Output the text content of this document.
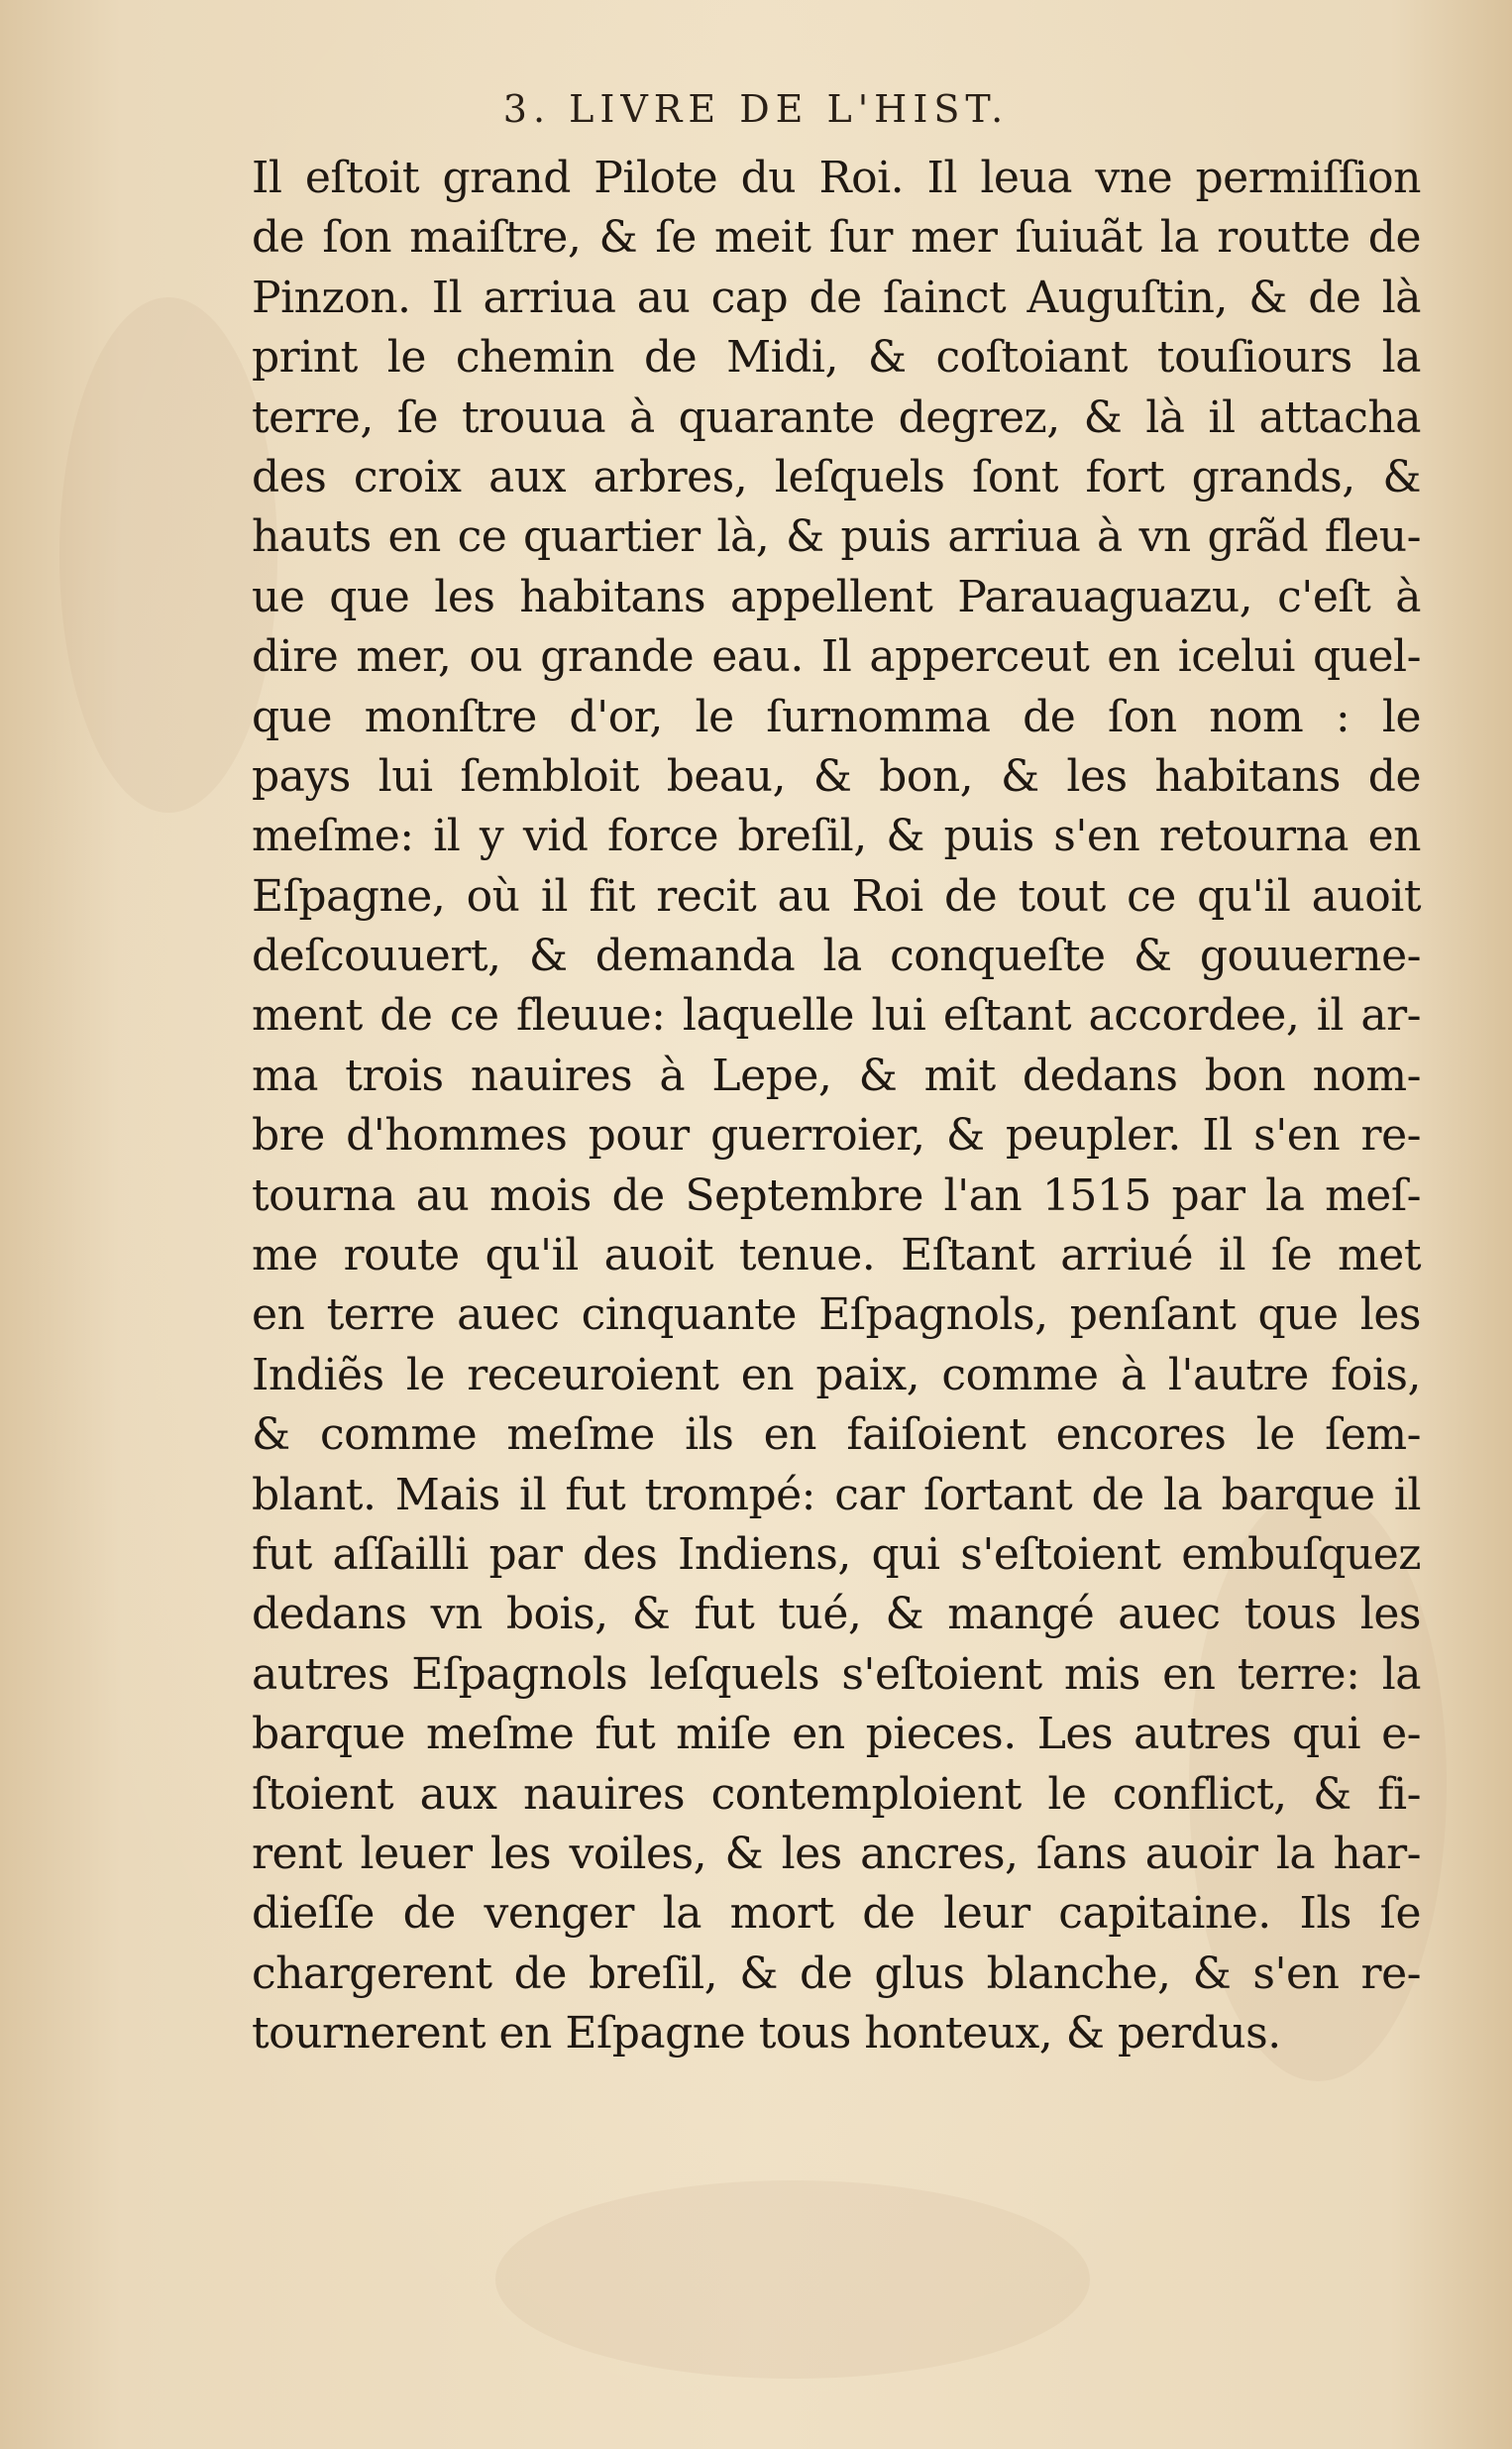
3. LIVRE DE L'HIST.
Il eſtoit grand Pilote du Roi. Il leua vne permiſſion
de ſon maiſtre, & ſe meit ſur mer ſuiuãt la routte de
Pinzon. Il arriua au cap de ſainct Auguſtin, & de là
print le chemin de Midi, & coſtoiant touſiours la
terre, ſe trouua à quarante degrez, & là il attacha
des croix aux arbres, leſquels ſont fort grands, &
hauts en ce quartier là, & puis arriua à vn grãd fleu-
ue que les habitans appellent Parauaguazu, c'eſt à
dire mer, ou grande eau. Il apperceut en icelui quel-
que monſtre d'or, le ſurnomma de ſon nom : le
pays lui ſembloit beau, & bon, & les habitans de
meſme: il y vid force breſil, & puis s'en retourna en
Eſpagne, où il fit recit au Roi de tout ce qu'il auoit
deſcouuert, & demanda la conqueſte & gouuerne-
ment de ce fleuue: laquelle lui eſtant accordee, il ar-
ma trois nauires à Lepe, & mit dedans bon nom-
bre d'hommes pour guerroier, & peupler. Il s'en re-
tourna au mois de Septembre l'an 1515 par la meſ-
me route qu'il auoit tenue. Eſtant arriué il ſe met
en terre auec cinquante Eſpagnols, penſant que les
Indiẽs le receuroient en paix, comme à l'autre fois,
& comme meſme ils en faiſoient encores le ſem-
blant. Mais il fut trompé: car ſortant de la barque il
fut aſſailli par des Indiens, qui s'eſtoient embuſquez
dedans vn bois, & fut tué, & mangé auec tous les
autres Eſpagnols leſquels s'eſtoient mis en terre: la
barque meſme fut miſe en pieces. Les autres qui e-
ſtoient aux nauires contemploient le conflict, & fi-
rent leuer les voiles, & les ancres, ſans auoir la har-
dieſſe de venger la mort de leur capitaine. Ils ſe
chargerent de breſil, & de glus blanche, & s'en re-
tournerent en Eſpagne tous honteux, & perdus.
